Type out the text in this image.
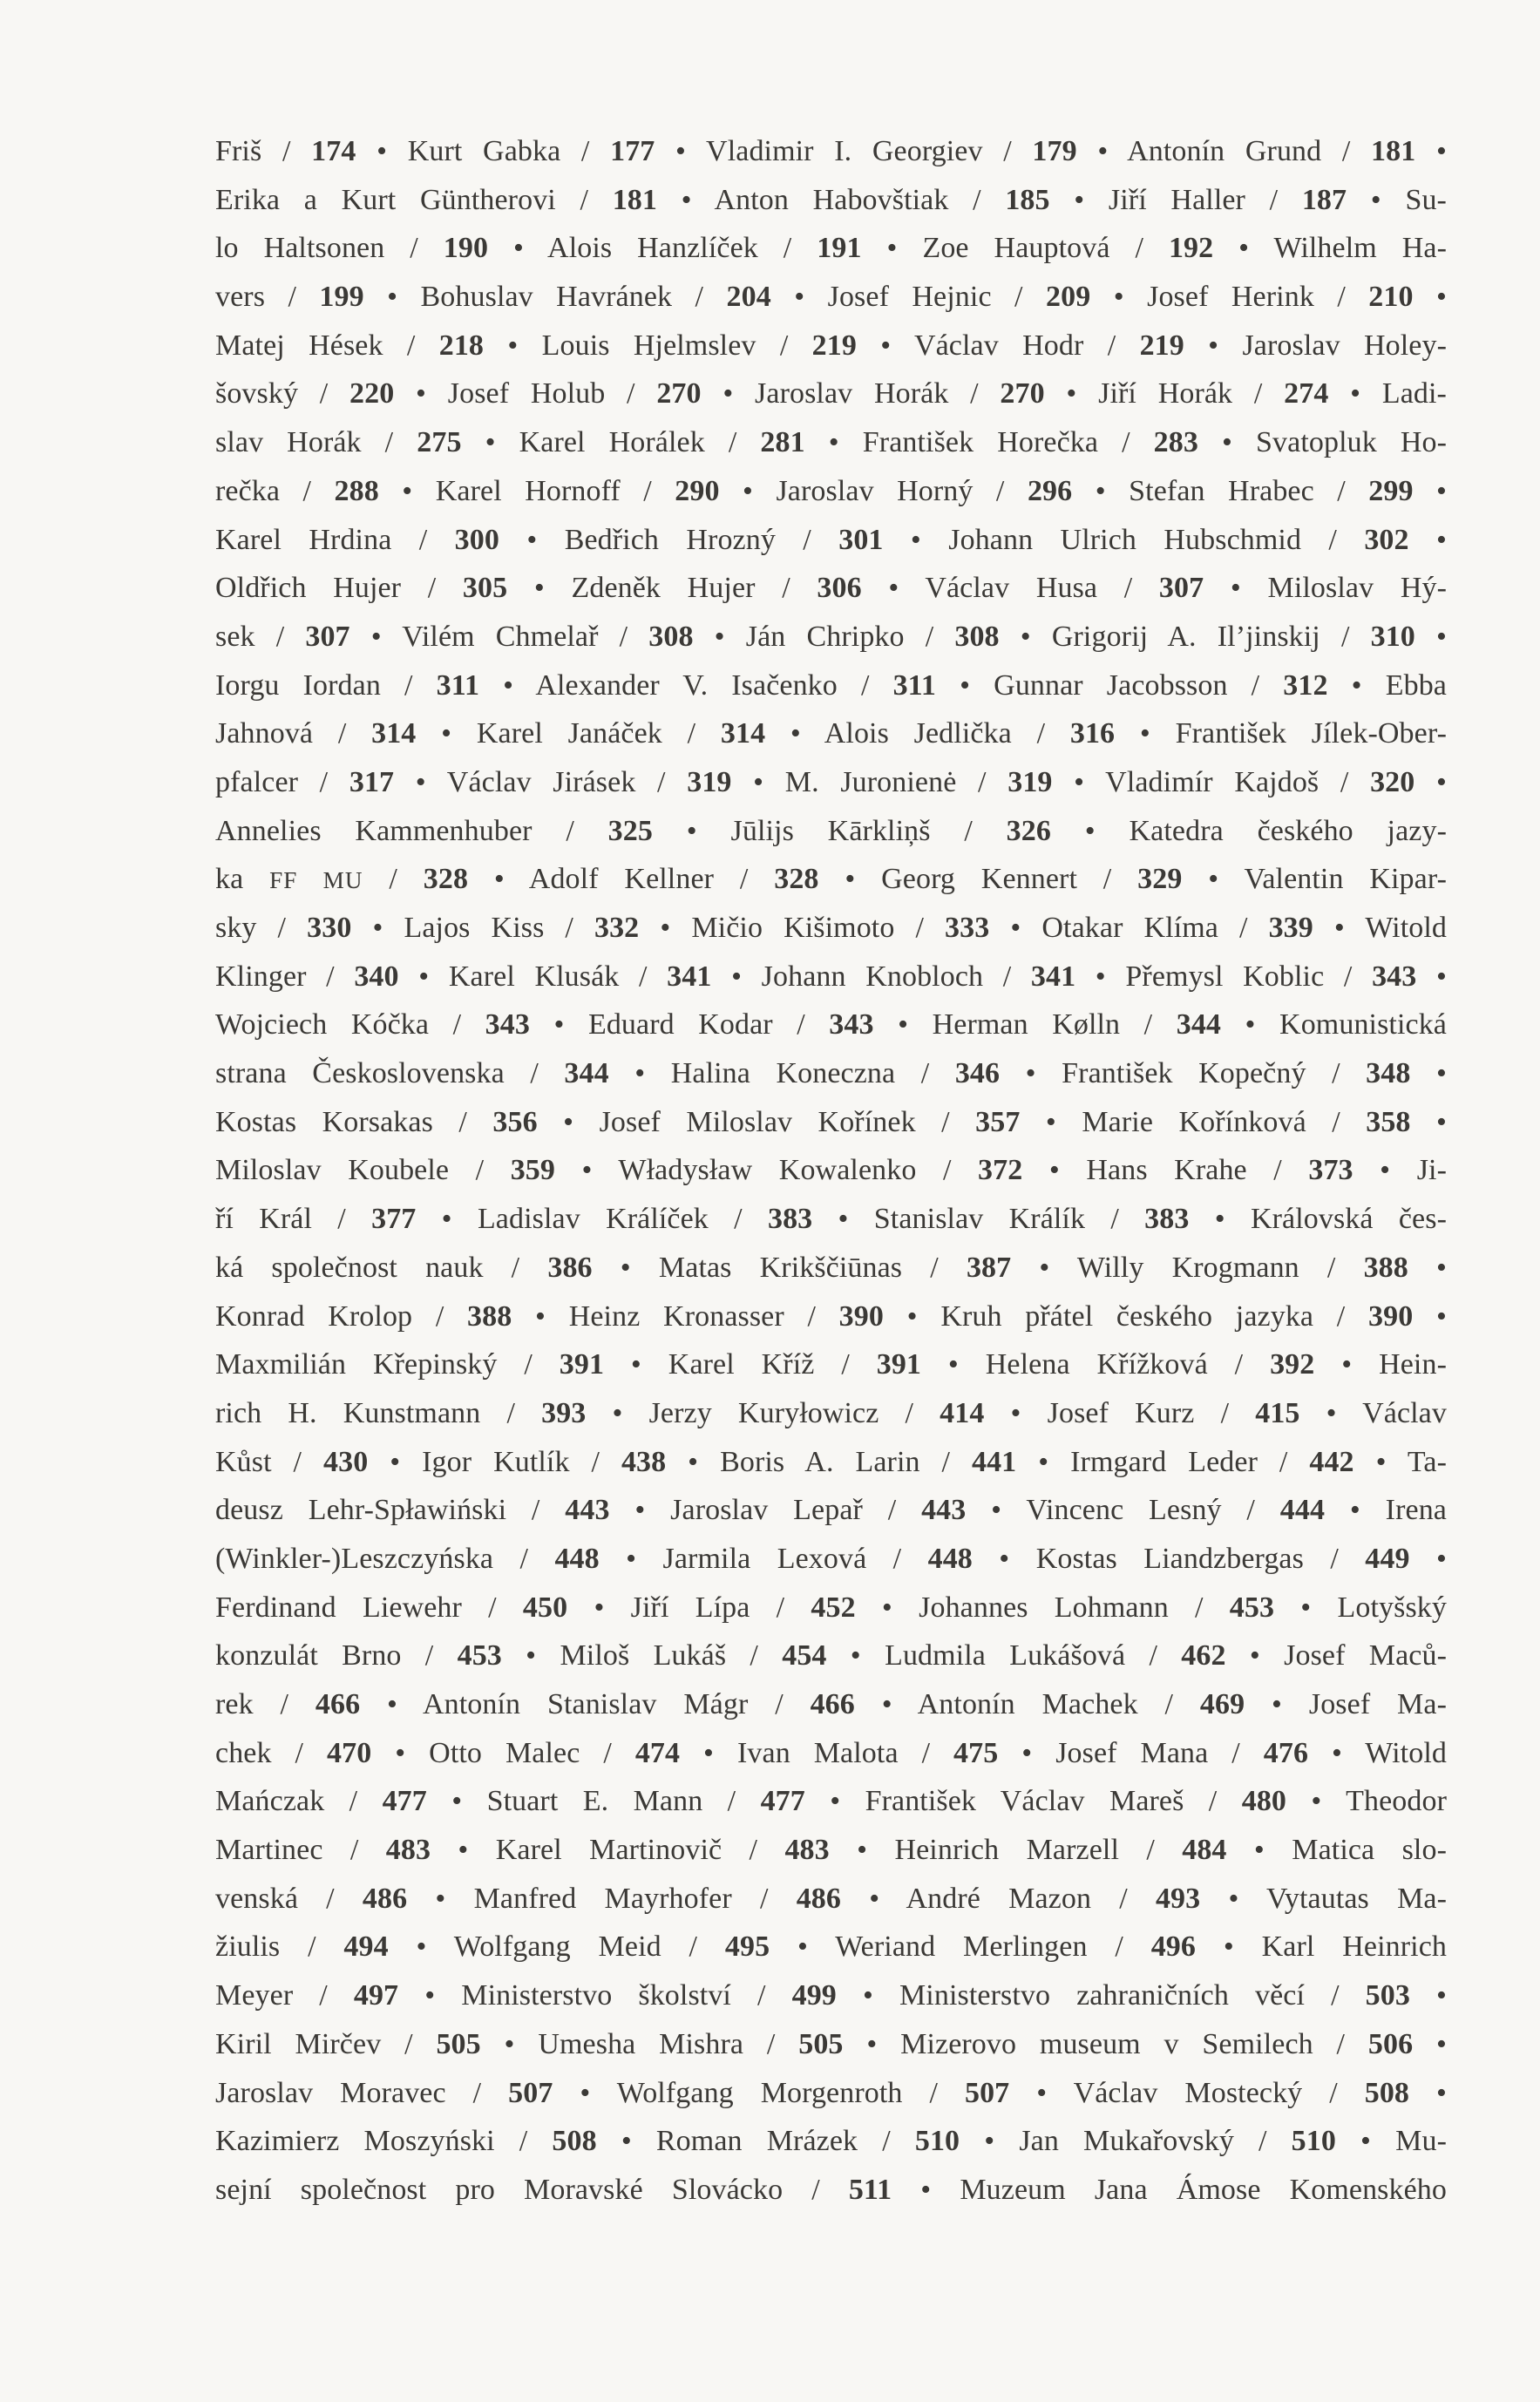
Friš / 174 • Kurt Gabka / 177 • Vladimir I. Georgiev / 179 • Antonín Grund / 181 •
Erika a Kurt Güntherovi / 181 • Anton Habovštiak / 185 • Jiří Haller / 187 • Su-
lo Haltsonen / 190 • Alois Hanzlíček / 191 • Zoe Hauptová / 192 • Wilhelm Ha-
vers / 199 • Bohuslav Havránek / 204 • Josef Hejnic / 209 • Josef Herink / 210 •
Matej Hések / 218 • Louis Hjelmslev / 219 • Václav Hodr / 219 • Jaroslav Holey-
šovský / 220 • Josef Holub / 270 • Jaroslav Horák / 270 • Jiří Horák / 274 • Ladi-
slav Horák / 275 • Karel Horálek / 281 • František Horečka / 283 • Svatopluk Ho-
rečka / 288 • Karel Hornoff / 290 • Jaroslav Horný / 296 • Stefan Hrabec / 299 •
Karel Hrdina / 300 • Bedřich Hrozný / 301 • Johann Ulrich Hubschmid / 302 •
Oldřich Hujer / 305 • Zdeněk Hujer / 306 • Václav Husa / 307 • Miloslav Hý-
sek / 307 • Vilém Chmelař / 308 • Ján Chripko / 308 • Grigorij A. Il’jinskij / 310 •
Iorgu Iordan / 311 • Alexander V. Isačenko / 311 • Gunnar Jacobsson / 312 • Ebba
Jahnová / 314 • Karel Janáček / 314 • Alois Jedlička / 316 • František Jílek-Ober-
pfalcer / 317 • Václav Jirásek / 319 • M. Juronienė / 319 • Vladimír Kajdoš / 320 •
Annelies Kammenhuber / 325 • Jūlijs Kārkliņš / 326 • Katedra českého jazy-
ka FF MU / 328 • Adolf Kellner / 328 • Georg Kennert / 329 • Valentin Kipar-
sky / 330 • Lajos Kiss / 332 • Mičio Kišimoto / 333 • Otakar Klíma / 339 • Witold
Klinger / 340 • Karel Klusák / 341 • Johann Knobloch / 341 • Přemysl Koblic / 343 •
Wojciech Kóčka / 343 • Eduard Kodar / 343 • Herman Kølln / 344 • Komunistická
strana Československa / 344 • Halina Koneczna / 346 • František Kopečný / 348 •
Kostas Korsakas / 356 • Josef Miloslav Kořínek / 357 • Marie Kořínková / 358 •
Miloslav Koubele / 359 • Władysław Kowalenko / 372 • Hans Krahe / 373 • Ji-
ří Král / 377 • Ladislav Králíček / 383 • Stanislav Králík / 383 • Královská čes-
ká společnost nauk / 386 • Matas Krikščiūnas / 387 • Willy Krogmann / 388 •
Konrad Krolop / 388 • Heinz Kronasser / 390 • Kruh přátel českého jazyka / 390 •
Maxmilián Křepinský / 391 • Karel Kříž / 391 • Helena Křížková / 392 • Hein-
rich H. Kunstmann / 393 • Jerzy Kuryłowicz / 414 • Josef Kurz / 415 • Václav
Kůst / 430 • Igor Kutlík / 438 • Boris A. Larin / 441 • Irmgard Leder / 442 • Ta-
deusz Lehr-Spławiński / 443 • Jaroslav Lepař / 443 • Vincenc Lesný / 444 • Irena
(Winkler-)Leszczyńska / 448 • Jarmila Lexová / 448 • Kostas Liandzbergas / 449 •
Ferdinand Liewehr / 450 • Jiří Lípa / 452 • Johannes Lohmann / 453 • Lotyšský
konzulát Brno / 453 • Miloš Lukáš / 454 • Ludmila Lukášová / 462 • Josef Maců-
rek / 466 • Antonín Stanislav Mágr / 466 • Antonín Machek / 469 • Josef Ma-
chek / 470 • Otto Malec / 474 • Ivan Malota / 475 • Josef Mana / 476 • Witold
Mańczak / 477 • Stuart E. Mann / 477 • František Václav Mareš / 480 • Theodor
Martinec / 483 • Karel Martinovič / 483 • Heinrich Marzell / 484 • Matica slo-
venská / 486 • Manfred Mayrhofer / 486 • André Mazon / 493 • Vytautas Ma-
žiulis / 494 • Wolfgang Meid / 495 • Weriand Merlingen / 496 • Karl Heinrich
Meyer / 497 • Ministerstvo školství / 499 • Ministerstvo zahraničních věcí / 503 •
Kiril Mirčev / 505 • Umesha Mishra / 505 • Mizerovo museum v Semilech / 506 •
Jaroslav Moravec / 507 • Wolfgang Morgenroth / 507 • Václav Mostecký / 508 •
Kazimierz Moszyński / 508 • Roman Mrázek / 510 • Jan Mukařovský / 510 • Mu-
sejní společnost pro Moravské Slovácko / 511 • Muzeum Jana Ámose Komenského
